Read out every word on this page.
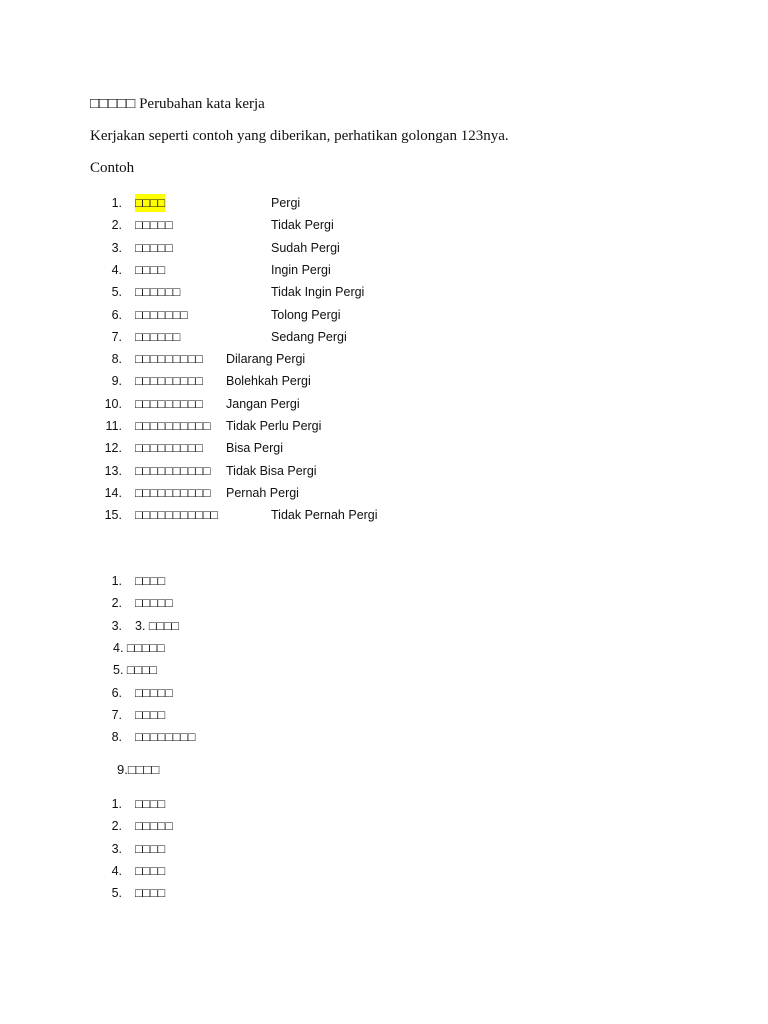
□□□□□ Perubahan kata kerja
Kerjakan seperti contoh yang diberikan, perhatikan golongan 123nya.
Contoh
1. □□□□	Pergi
2. □□□□□	Tidak Pergi
3. □□□□□	Sudah Pergi
4. □□□□	Ingin Pergi
5. □□□□□□	Tidak Ingin Pergi
6. □□□□□□□	Tolong Pergi
7. □□□□□□	Sedang Pergi
8. □□□□□□□□□ Dilarang Pergi
9. □□□□□□□□□ Bolehkah Pergi
10. □□□□□□□□□ Jangan Pergi
11. □□□□□□□□□□ Tidak Perlu Pergi
12. □□□□□□□□□ Bisa Pergi
13. □□□□□□□□□□ Tidak Bisa Pergi
14. □□□□□□□□□□ Pernah Pergi
15. □□□□□□□□□□□	Tidak Pernah Pergi
1. □□□□
2. □□□□□
3. 3. □□□□
4. □□□□□
5. □□□□
6. □□□□□
7. □□□□
8. □□□□□□□□
9.□□□□
1. □□□□
2. □□□□□
3. □□□□
4. □□□□
5. □□□□
